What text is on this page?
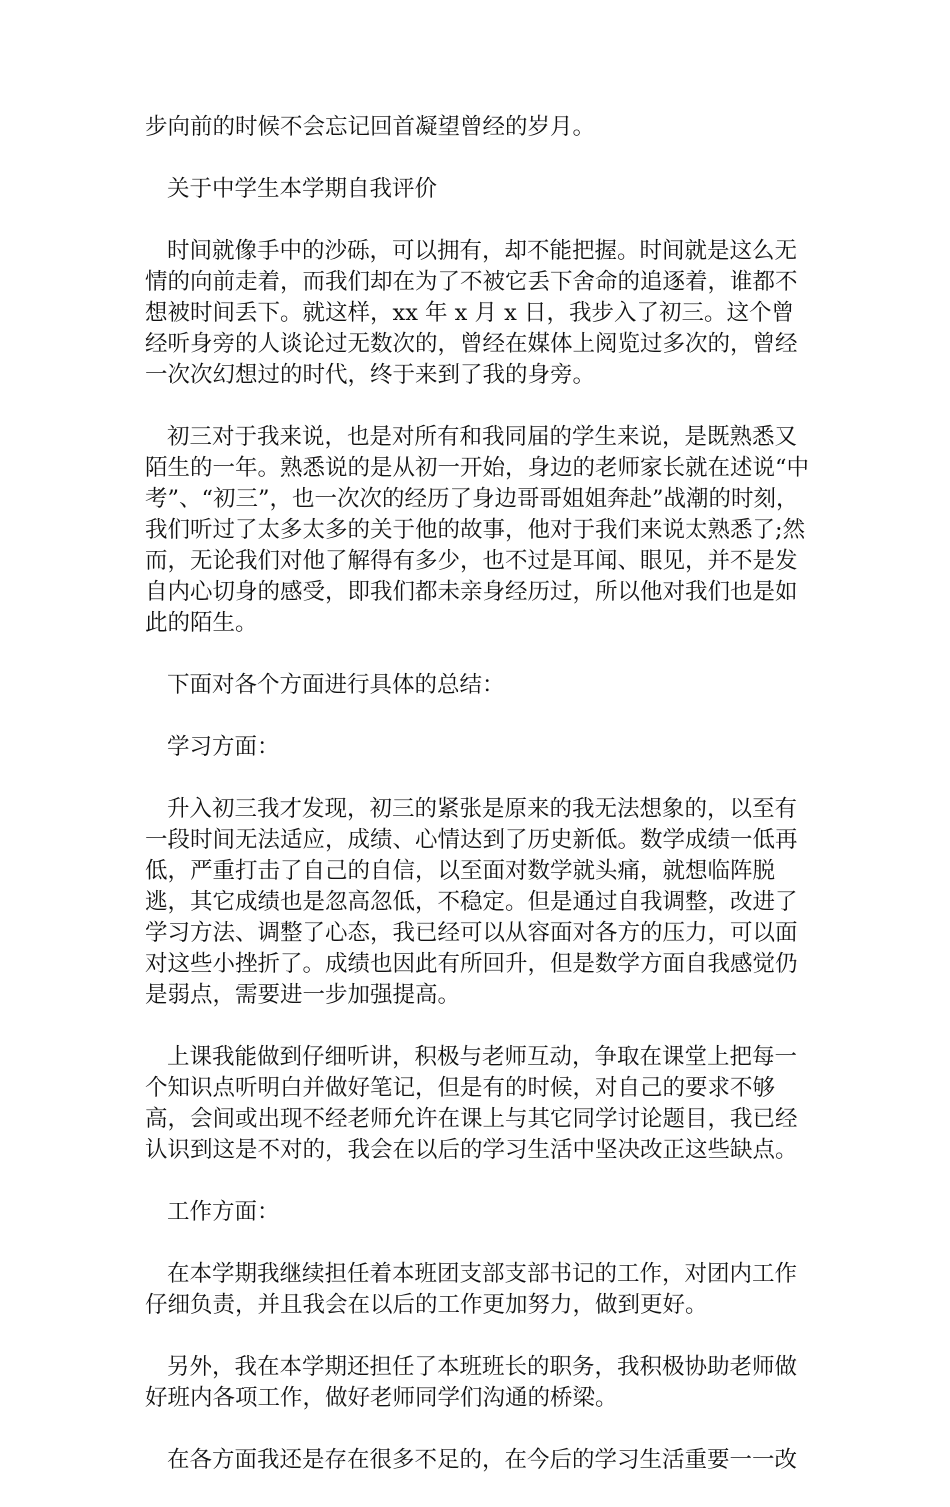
步向前的时候不会忘记回首凝望曾经的岁月。

关于中学生本学期自我评价

时间就像手中的沙砾，可以拥有，却不能把握。时间就是这么无情的向前走着，而我们却在为了不被它丢下舍命的追逐着，谁都不想被时间丢下。就这样，xx 年 x 月 x 日，我步入了初三。这个曾经听身旁的人谈论过无数次的，曾经在媒体上阅览过多次的，曾经一次次幻想过的时代，终于来到了我的身旁。

初三对于我来说，也是对所有和我同届的学生来说，是既熟悉又陌生的一年。熟悉说的是从初一开始，身边的老师家长就在述说“中考”、“初三”，也一次次的经历了身边哥哥姐姐奔赴”战潮的时刻，我们听过了太多太多的关于他的故事，他对于我们来说太熟悉了;然而，无论我们对他了解得有多少，也不过是耳闻、眼见，并不是发自内心切身的感受，即我们都未亲身经历过，所以他对我们也是如此的陌生。

下面对各个方面进行具体的总结：

学习方面：

升入初三我才发现，初三的紧张是原来的我无法想象的，以至有一段时间无法适应，成绩、心情达到了历史新低。数学成绩一低再低，严重打击了自己的自信，以至面对数学就头痛，就想临阵脱逃，其它成绩也是忽高忽低，不稳定。但是通过自我调整，改进了学习方法、调整了心态，我已经可以从容面对各方的压力，可以面对这些小挫折了。成绩也因此有所回升，但是数学方面自我感觉仍是弱点，需要进一步加强提高。

上课我能做到仔细听讲，积极与老师互动，争取在课堂上把每一个知识点听明白并做好笔记，但是有的时候，对自己的要求不够高，会间或出现不经老师允许在课上与其它同学讨论题目，我已经认识到这是不对的，我会在以后的学习生活中坚决改正这些缺点。

工作方面：

在本学期我继续担任着本班团支部支部书记的工作，对团内工作仔细负责，并且我会在以后的工作更加努力，做到更好。

另外，我在本学期还担任了本班班长的职务，我积极协助老师做好班内各项工作，做好老师同学们沟通的桥梁。

在各方面我还是存在很多不足的，在今后的学习生活重要一一改
